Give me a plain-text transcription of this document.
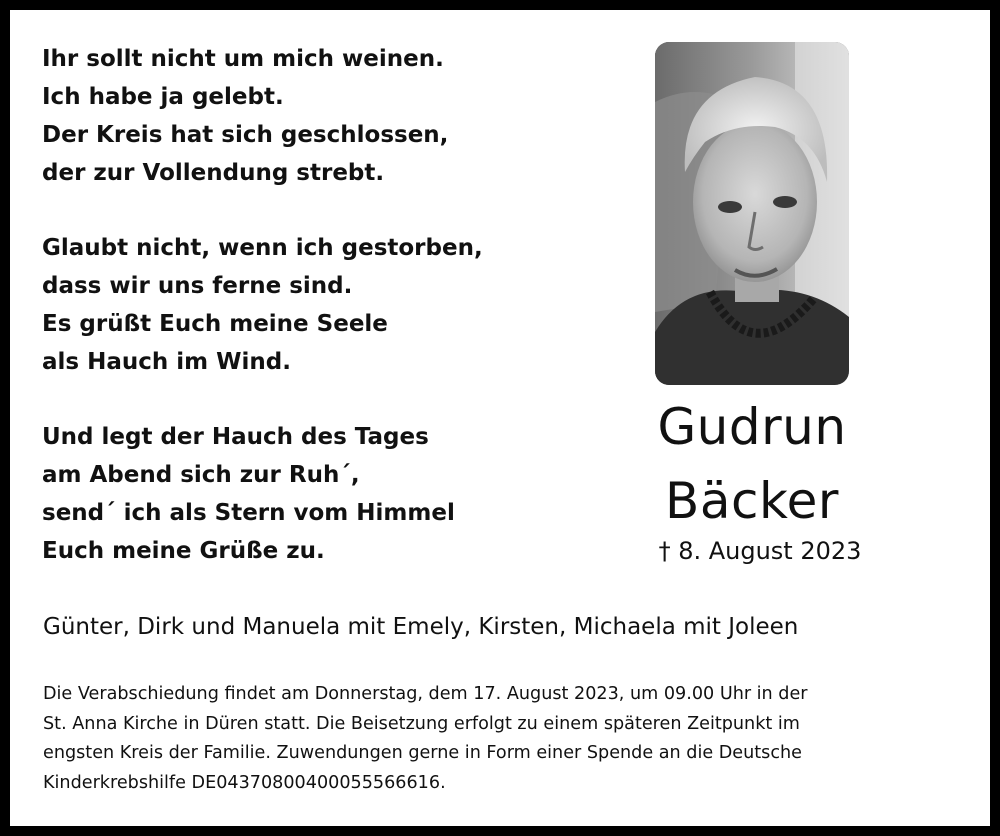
Ihr sollt nicht um mich weinen.
Ich habe ja gelebt.
Der Kreis hat sich geschlossen,
der zur Vollendung strebt.
Glaubt nicht, wenn ich gestorben,
dass wir uns ferne sind.
Es grüßt Euch meine Seele
als Hauch im Wind.
Und legt der Hauch des Tages
am Abend sich zur Ruh´,
send´ ich als Stern vom Himmel
Euch meine Grüße zu.
Gudrun
Bäcker
† 8. August 2023
Günter, Dirk und Manuela mit Emely, Kirsten, Michaela mit Joleen
Die Verabschiedung findet am Donnerstag, dem 17. August 2023, um 09.00 Uhr in der
St. Anna Kirche in Düren statt. Die Beisetzung erfolgt zu einem späteren Zeitpunkt im
engsten Kreis der Familie. Zuwendungen gerne in Form einer Spende an die Deutsche
Kinderkrebshilfe DE04370800400055566616.
